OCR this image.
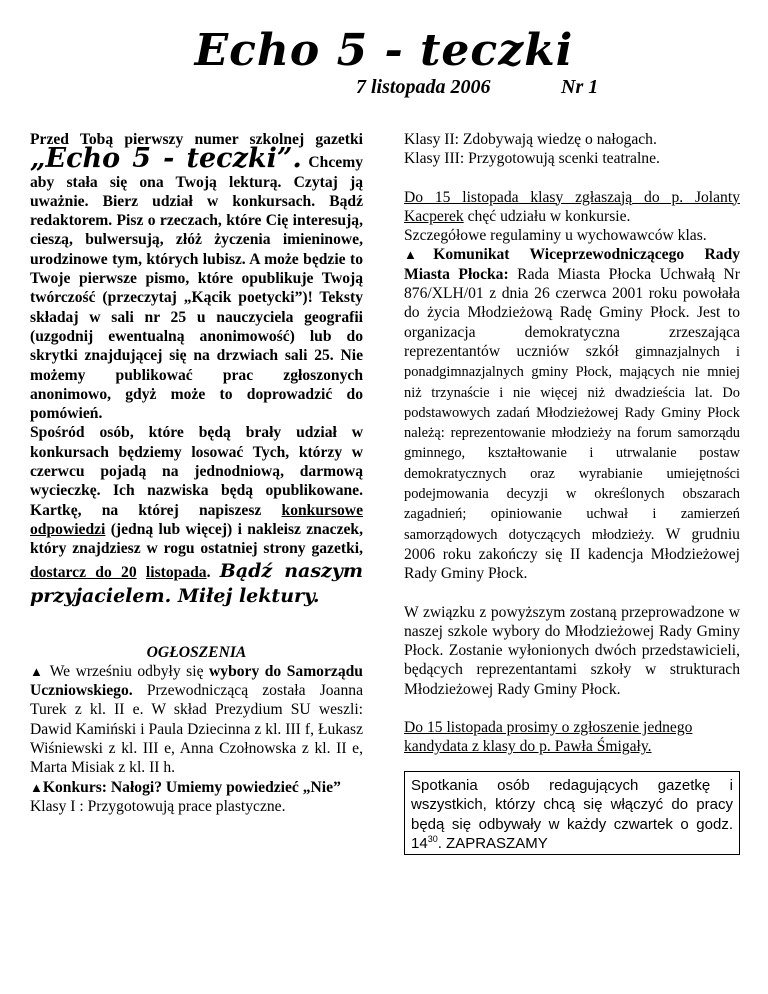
Echo 5 - teczki
7 listopada 2006	Nr 1

Przed Tobą pierwszy numer szkolnej gazetki „Echo 5 - teczki”. Chcemy aby stała się ona Twoją lekturą. Czytaj ją uważnie. Bierz udział w konkursach. Bądź redaktorem. Pisz o rzeczach, które Cię interesują, cieszą, bulwersują, złóż życzenia imieninowe, urodzinowe tym, których lubisz. A może będzie to Twoje pierwsze pismo, które opublikuje Twoją twórczość (przeczytaj „Kącik poetycki”)! Teksty składaj w sali nr 25 u nauczyciela geografii (uzgodnij ewentualną anonimowość) lub do skrytki znajdującej się na drzwiach sali 25. Nie możemy publikować prac zgłoszonych anonimowo, gdyż może to doprowadzić do pomówień.

Spośród osób, które będą brały udział w konkursach będziemy losować Tych, którzy w czerwcu pojadą na jednodniową, darmową wycieczkę. Ich nazwiska będą opublikowane. Kartkę, na której napiszesz konkursowe odpowiedzi (jedną lub więcej) i nakleisz znaczek, który znajdziesz w rogu ostatniej strony gazetki, dostarcz do 20 listopada. Bądź naszym przyjacielem. Miłej lektury.

OGŁOSZENIA

▲ We wrześniu odbyły się wybory do Samorządu Uczniowskiego. Przewodniczącą została Joanna Turek z kl. II e. W skład Prezydium SU weszli: Dawid Kamiński i Paula Dziecinna z kl. III f, Łukasz Wiśniewski z kl. III e, Anna Czołnowska z kl. II e, Marta Misiak z kl. II h.

▲Konkurs: Nałogi? Umiemy powiedzieć „Nie”

Klasy I : Przygotowują prace plastyczne.

Klasy II: Zdobywają wiedzę o nałogach.

Klasy III: Przygotowują scenki teatralne.

Do 15 listopada klasy zgłaszają do p. Jolanty Kacperek chęć udziału w konkursie.

Szczegółowe regulaminy u wychowawców klas.

▲Komunikat Wiceprzewodniczącego Rady Miasta Płocka: Rada Miasta Płocka Uchwałą Nr 876/XLH/01 z dnia 26 czerwca 2001 roku powołała do życia Młodzieżową Radę Gminy Płock. Jest to organizacja demokratyczna zrzeszająca reprezentantów uczniów szkół gimnazjalnych i ponadgimnazjalnych gminy Płock, mających nie mniej niż trzynaście i nie więcej niż dwadzieścia lat. Do podstawowych zadań Młodzieżowej Rady Gminy Płock należą: reprezentowanie młodzieży na forum samorządu gminnego, kształtowanie i utrwalanie postaw demokratycznych oraz wyrabianie umiejętności podejmowania decyzji w określonych obszarach zagadnień; opiniowanie uchwał i zamierzeń samorządowych dotyczących młodzieży. W grudniu 2006 roku zakończy się II kadencja Młodzieżowej Rady Gminy Płock.

W związku z powyższym zostaną przeprowadzone w naszej szkole wybory do Młodzieżowej Rady Gminy Płock. Zostanie wyłonionych dwóch przedstawicieli, będących reprezentantami szkoły w strukturach Młodzieżowej Rady Gminy Płock.

Do 15 listopada prosimy o zgłoszenie jednego kandydata z klasy do p. Pawła Śmigały.

Spotkania osób redagujących gazetkę i wszystkich, którzy chcą się włączyć do pracy będą się odbywały w każdy czwartek o godz. $14^{30}$. ZAPRASZAMY
